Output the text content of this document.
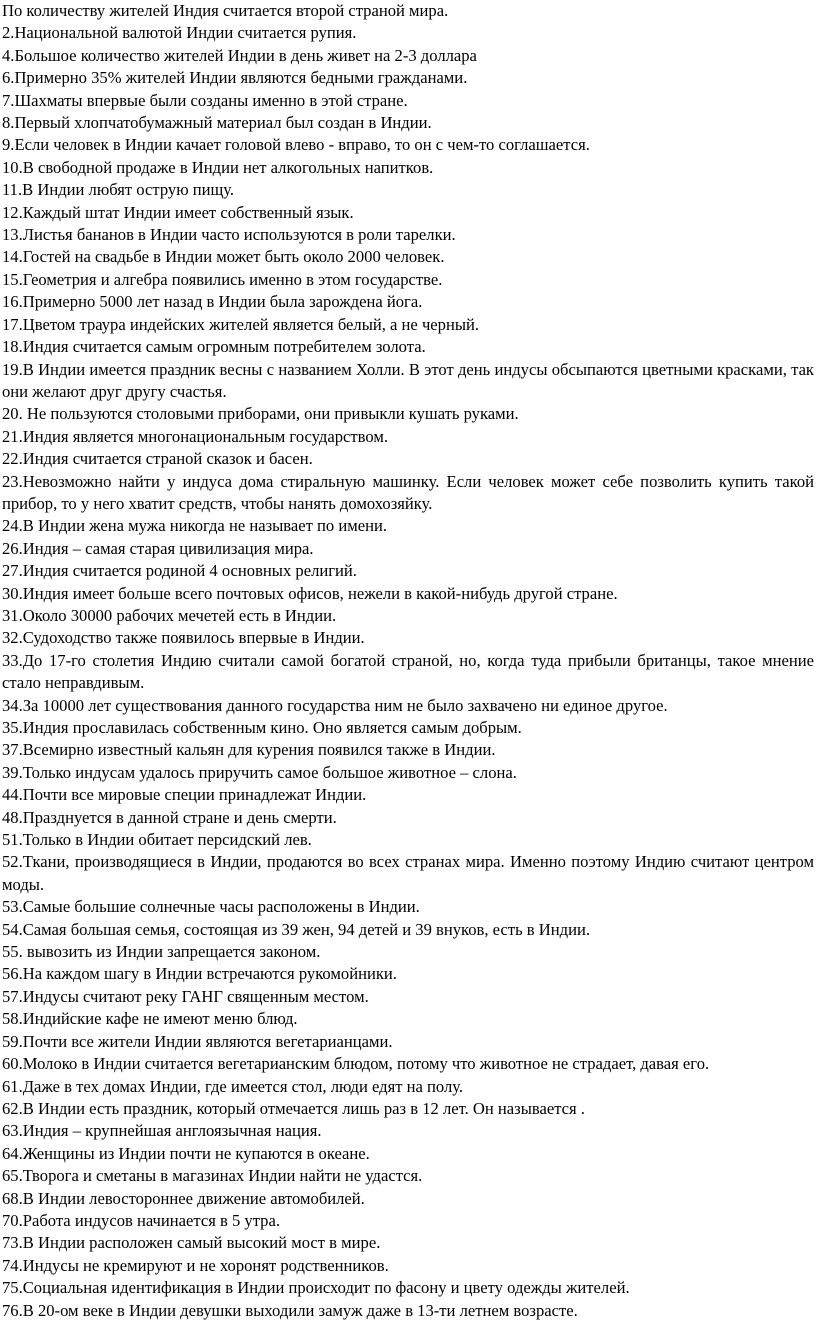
По количеству жителей Индия считается второй страной мира.

2.Национальной валютой Индии считается рупия.

4.Большое количество жителей Индии в день живет на 2-3 доллара

6.Примерно 35% жителей Индии являются бедными гражданами.

7.Шахматы впервые были созданы именно в этой стране.

8.Первый хлопчатобумажный материал был создан в Индии.

9.Если человек в Индии качает головой влево - вправо, то он с чем-то соглашается.

10.В свободной продаже в Индии нет алкогольных напитков.

11.В Индии любят острую пищу.

12.Каждый штат Индии имеет собственный язык.

13.Листья бананов в Индии часто используются в роли тарелки.

14.Гостей на свадьбе в Индии может быть около 2000 человек.

15.Геометрия и алгебра появились именно в этом государстве.

16.Примерно 5000 лет назад в Индии была зарождена йога.

17.Цветом траура индейских жителей является белый, а не черный.

18.Индия считается самым огромным потребителем золота.

19.В Индии имеется праздник весны с названием Холли. В этот день индусы обсыпаются цветными красками, так они желают друг другу счастья.

20. Не пользуются столовыми приборами, они привыкли кушать руками.

21.Индия является многонациональным государством.

22.Индия считается страной сказок и басен.

23.Невозможно найти у индуса дома стиральную машинку. Если человек может себе позволить купить такой прибор, то у него хватит средств, чтобы нанять домохозяйку.

24.В Индии жена мужа никогда не называет по имени.

26.Индия – самая старая цивилизация мира.

27.Индия считается родиной 4 основных религий.

30.Индия имеет больше всего почтовых офисов, нежели в какой-нибудь другой стране.

31.Около 30000 рабочих мечетей есть в Индии.

32.Судоходство также появилось впервые в Индии.

33.До 17-го столетия Индию считали самой богатой страной, но, когда туда прибыли британцы, такое мнение стало неправдивым.

34.За 10000 лет существования данного государства ним не было захвачено ни единое другое.

35.Индия прославилась собственным кино. Оно является самым добрым.

37.Всемирно известный кальян для курения появился также в Индии.

39.Только индусам удалось приручить самое большое животное – слона.

44.Почти все мировые специи принадлежат Индии.

48.Празднуется в данной стране и день смерти.

51.Только в Индии обитает персидский лев.

52.Ткани, производящиеся в Индии, продаются во всех странах мира. Именно поэтому Индию считают центром моды.

53.Самые большие солнечные часы расположены в Индии.

54.Самая большая семья, состоящая из 39 жен, 94 детей и 39 внуков, есть в Индии.

55. вывозить из Индии запрещается законом.

56.На каждом шагу в Индии встречаются рукомойники.

57.Индусы считают реку ГАНГ священным местом.

58.Индийские кафе не имеют меню блюд.

59.Почти все жители Индии являются вегетарианцами.

60.Молоко в Индии считается вегетарианским блюдом, потому что животное не страдает, давая его.

61.Даже в тех домах Индии, где имеется стол, люди едят на полу.

62.В Индии есть праздник, который отмечается лишь раз в 12 лет. Он называется .

63.Индия – крупнейшая англоязычная нация.

64.Женщины из Индии почти не купаются в океане.

65.Творога и сметаны в магазинах Индии найти не удастся.

68.В Индии левостороннее движение автомобилей.

70.Работа индусов начинается в 5 утра.

73.В Индии расположен самый высокий мост в мире.

74.Индусы не кремируют и не хоронят родственников.

75.Социальная идентификация в Индии происходит по фасону и цвету одежды жителей.

76.В 20-ом веке в Индии девушки выходили замуж даже в 13-ти летнем возрасте.
